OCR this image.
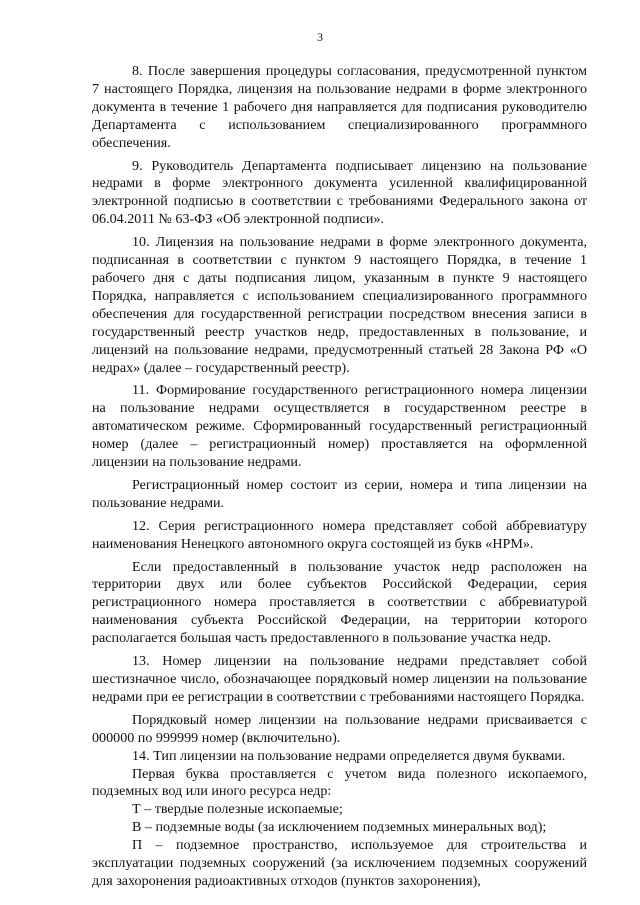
3

8. После завершения процедуры согласования, предусмотренной пунктом 7 настоящего Порядка, лицензия на пользование недрами в форме электронного документа в течение 1 рабочего дня направляется для подписания руководителю Департамента с использованием специализированного программного обеспечения.

9. Руководитель Департамента подписывает лицензию на пользование недрами в форме электронного документа усиленной квалифицированной электронной подписью в соответствии с требованиями Федерального закона от 06.04.2011 № 63-ФЗ «Об электронной подписи».

10. Лицензия на пользование недрами в форме электронного документа, подписанная в соответствии с пунктом 9 настоящего Порядка, в течение 1 рабочего дня с даты подписания лицом, указанным в пункте 9 настоящего Порядка, направляется с использованием специализированного программного обеспечения для государственной регистрации посредством внесения записи в государственный реестр участков недр, предоставленных в пользование, и лицензий на пользование недрами, предусмотренный статьей 28 Закона РФ «О недрах» (далее – государственный реестр).

11. Формирование государственного регистрационного номера лицензии на пользование недрами осуществляется в государственном реестре в автоматическом режиме. Сформированный государственный регистрационный номер (далее – регистрационный номер) проставляется на оформленной лицензии на пользование недрами.

Регистрационный номер состоит из серии, номера и типа лицензии на пользование недрами.

12. Серия регистрационного номера представляет собой аббревиатуру наименования Ненецкого автономного округа состоящей из букв «НРМ».

Если предоставленный в пользование участок недр расположен на территории двух или более субъектов Российской Федерации, серия регистрационного номера проставляется в соответствии с аббревиатурой наименования субъекта Российской Федерации, на территории которого располагается большая часть предоставленного в пользование участка недр.

13. Номер лицензии на пользование недрами представляет собой шестизначное число, обозначающее порядковый номер лицензии на пользование недрами при ее регистрации в соответствии с требованиями настоящего Порядка.

Порядковый номер лицензии на пользование недрами присваивается с 000000 по 999999 номер (включительно).

14. Тип лицензии на пользование недрами определяется двумя буквами.

Первая буква проставляется с учетом вида полезного ископаемого, подземных вод или иного ресурса недр:

Т – твердые полезные ископаемые;

В – подземные воды (за исключением подземных минеральных вод);

П – подземное пространство, используемое для строительства и эксплуатации подземных сооружений (за исключением подземных сооружений для захоронения радиоактивных отходов (пунктов захоронения),
